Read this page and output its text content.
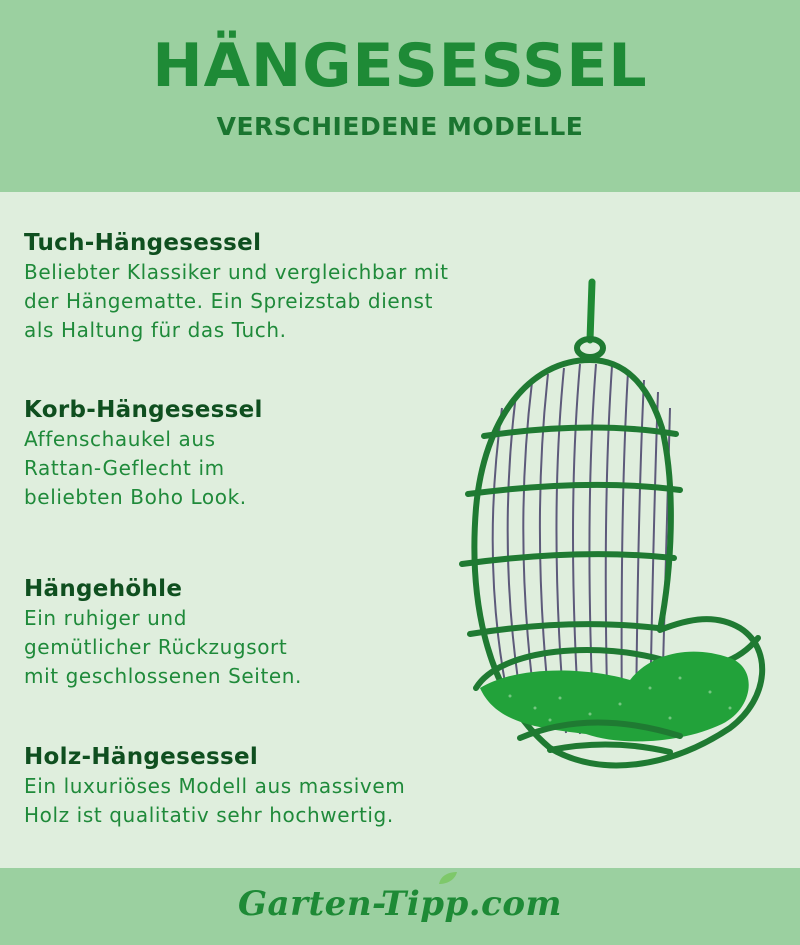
HÄNGESESSEL
VERSCHIEDENE MODELLE
Tuch-Hängesessel
Beliebter Klassiker und vergleichbar mit
der Hängematte. Ein Spreizstab dienst
als Haltung für das Tuch.
Korb-Hängesessel
Affenschaukel aus
Rattan-Geflecht im
beliebten Boho Look.
Hängehöhle
Ein ruhiger und
gemütlicher Rückzugsort
mit geschlossenen Seiten.
Holz-Hängesessel
Ein luxuriöses Modell aus massivem
Holz ist qualitativ sehr hochwertig.
Garten-Tipp.com
